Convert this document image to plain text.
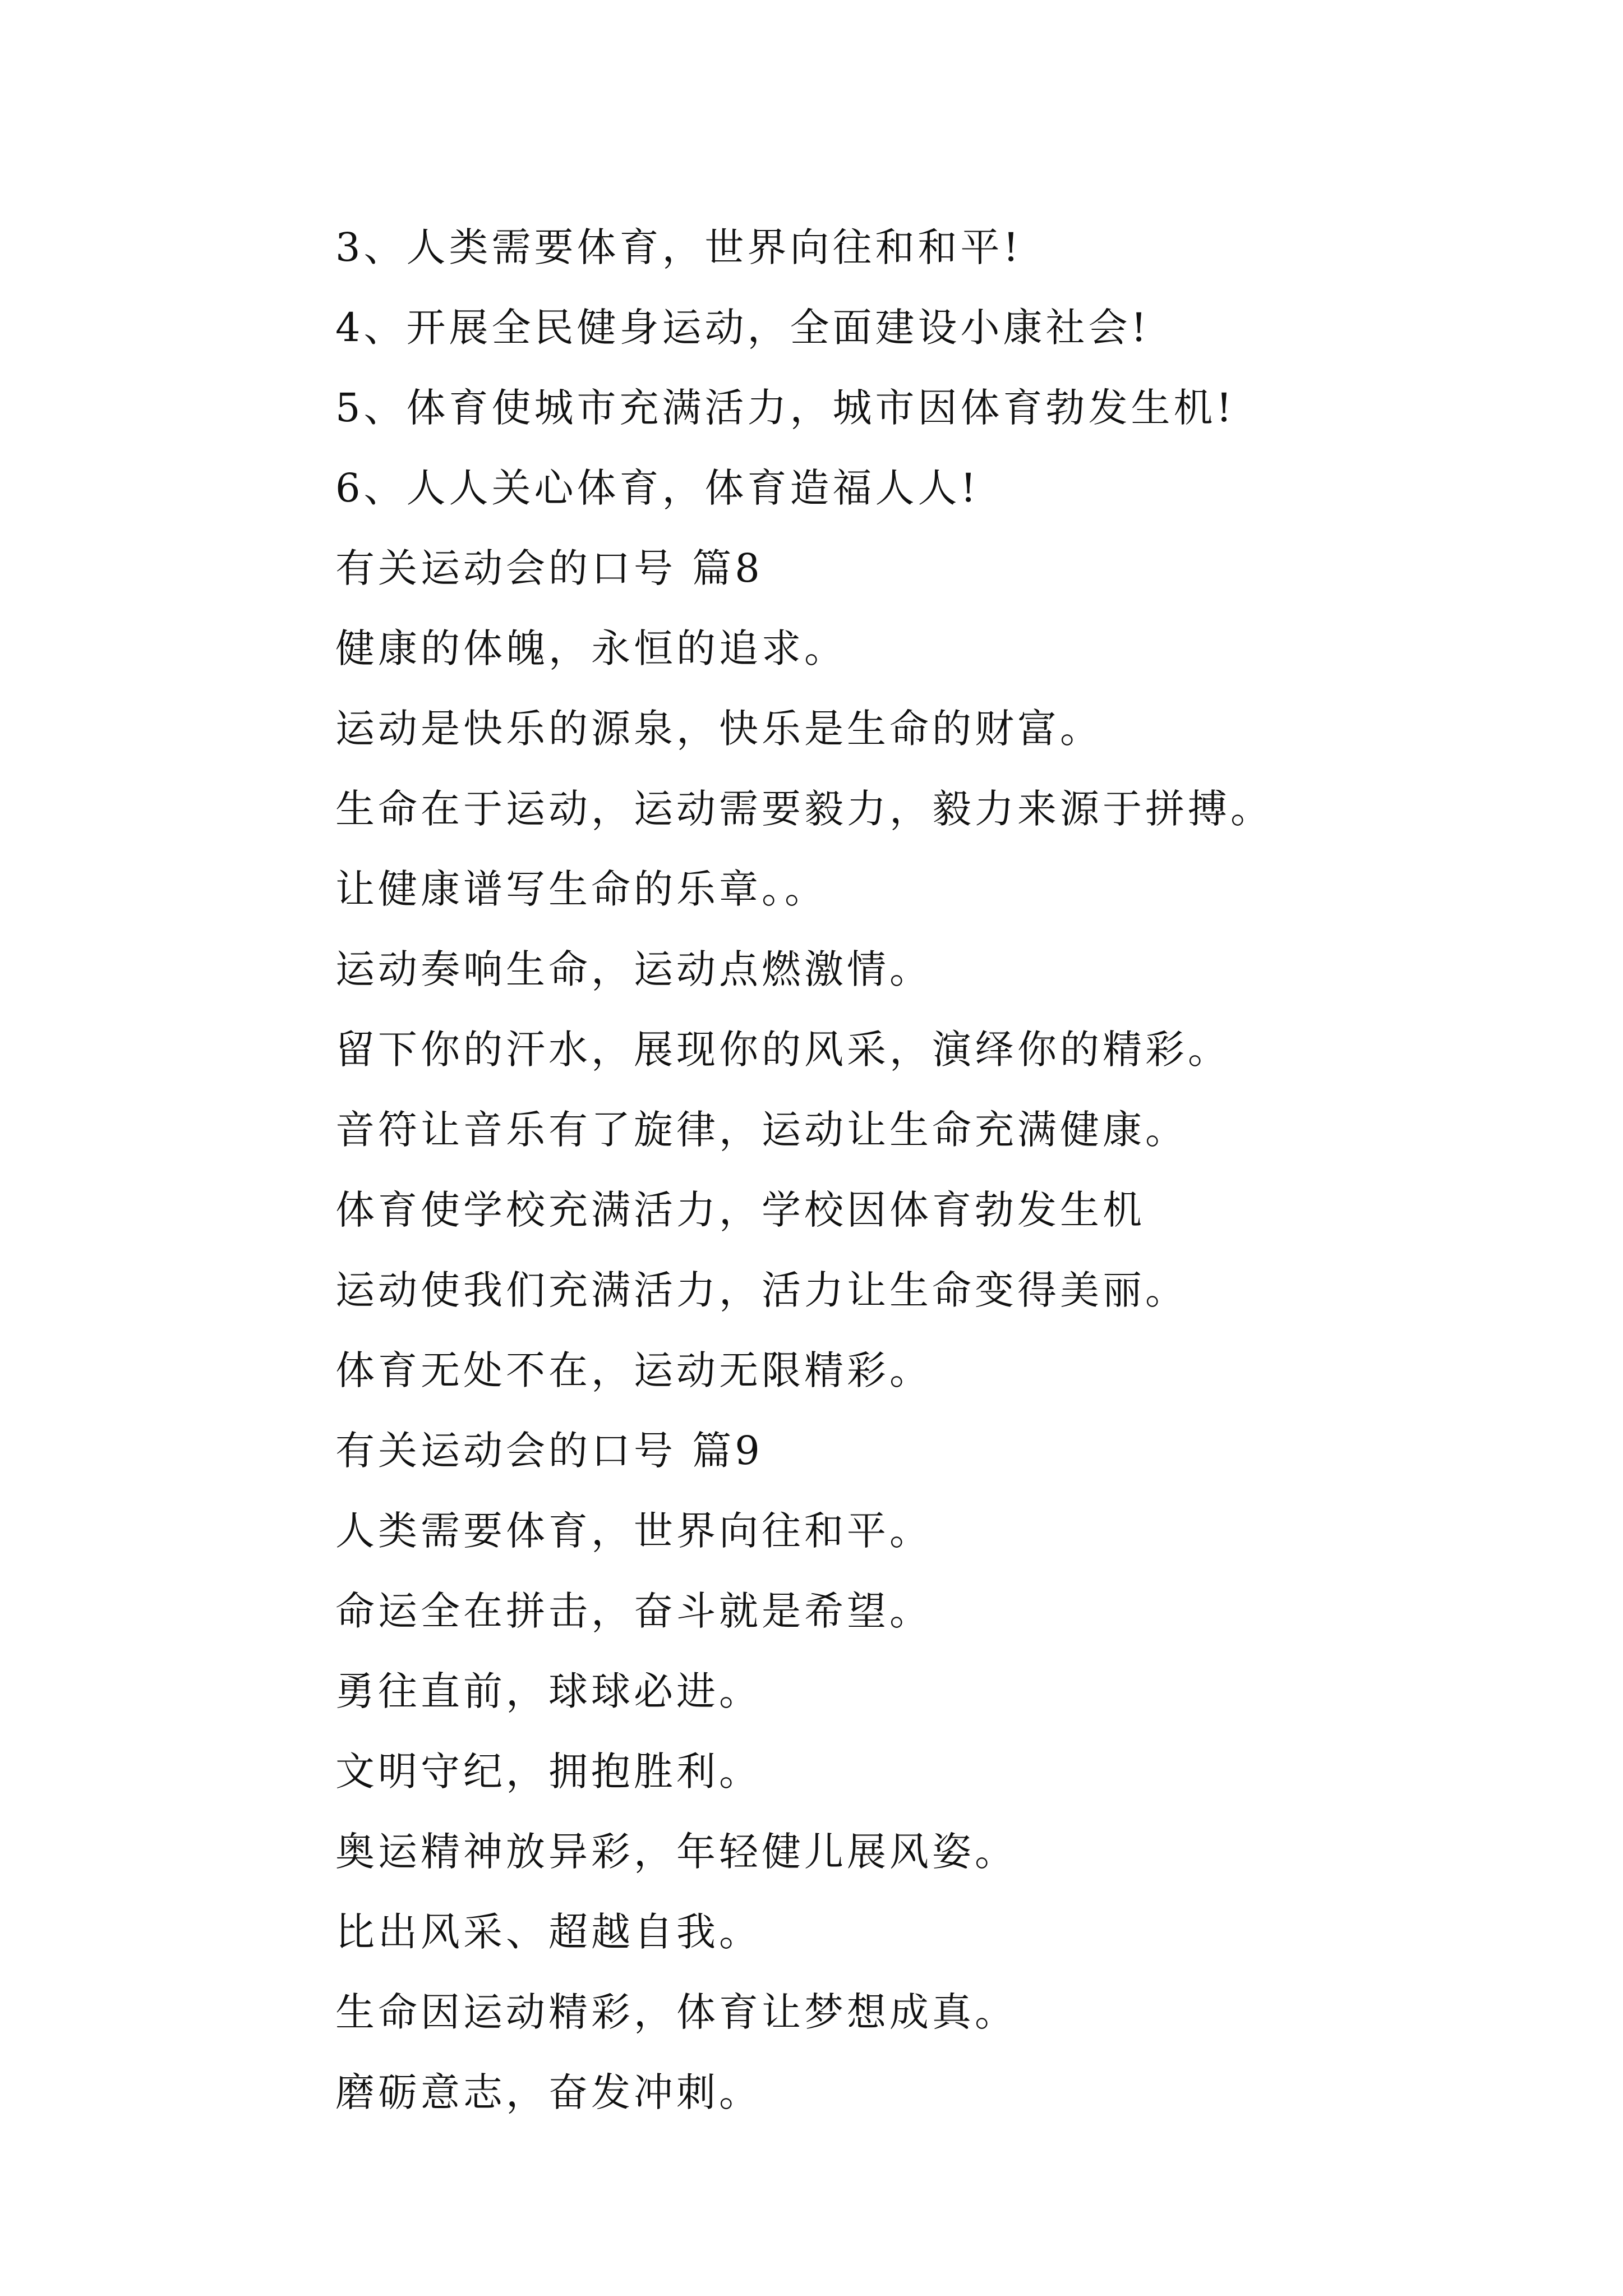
3、人类需要体育，世界向往和和平!
4、开展全民健身运动，全面建设小康社会!
5、体育使城市充满活力，城市因体育勃发生机!
6、人人关心体育，体育造福人人!
有关运动会的口号 篇8
健康的体魄，永恒的追求。
运动是快乐的源泉，快乐是生命的财富。
生命在于运动，运动需要毅力，毅力来源于拼搏。
让健康谱写生命的乐章。。
运动奏响生命，运动点燃激情。
留下你的汗水，展现你的风采，演绎你的精彩。
音符让音乐有了旋律，运动让生命充满健康。
体育使学校充满活力，学校因体育勃发生机
运动使我们充满活力，活力让生命变得美丽。
体育无处不在，运动无限精彩。
有关运动会的口号 篇9
人类需要体育，世界向往和平。
命运全在拼击，奋斗就是希望。
勇往直前，球球必进。
文明守纪，拥抱胜利。
奥运精神放异彩，年轻健儿展风姿。
比出风采、超越自我。
生命因运动精彩，体育让梦想成真。
磨砺意志，奋发冲刺。
